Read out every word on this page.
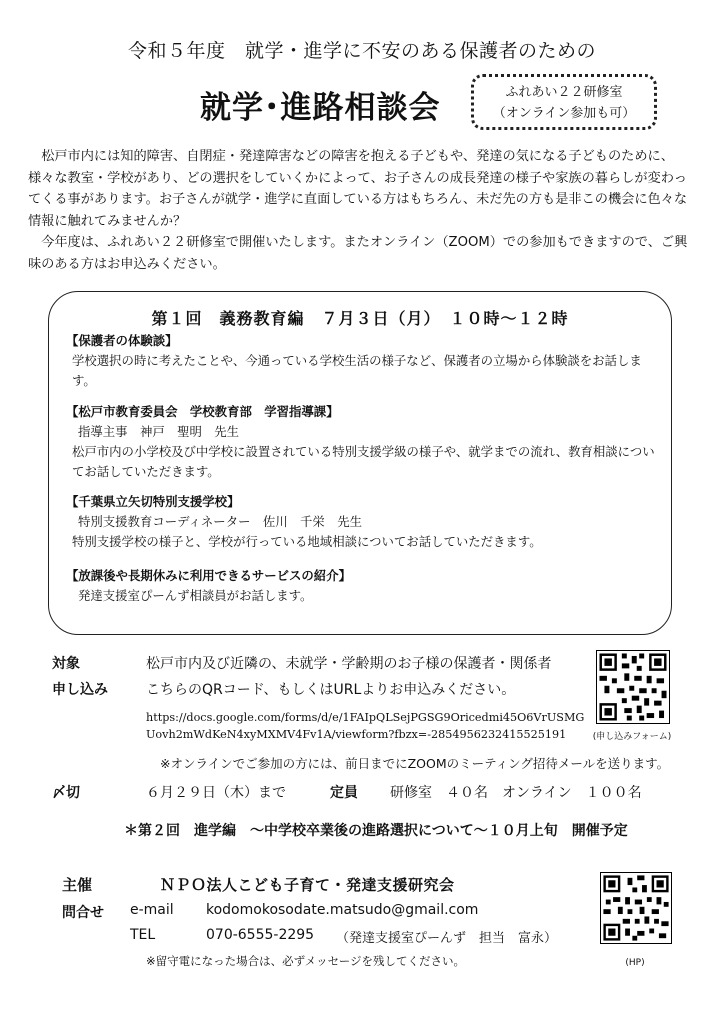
令和５年度　就学・進学に不安のある保護者のための
就学･進路相談会	ふれあい２２研修室
（オンライン参加も可）

松戸市内には知的障害、自閉症・発達障害などの障害を抱える子どもや、発達の気になる子どものために、様々な教室・学校があり、どの選択をしていくかによって、お子さんの成長発達の様子や家族の暮らしが変わってくる事があります。お子さんが就学・進学に直面している方はもちろん、未だ先の方も是非この機会に色々な情報に触れてみませんか？

今年度は、ふれあい２２研修室で開催いたします。またオンライン（ZOOM）での参加もできますので、ご興味のある方はお申込みください。

第１回　義務教育編　７月３日（月）　１０時～１２時
【保護者の体験談】
学校選択の時に考えたことや、今通っている学校生活の様子など、保護者の立場から体験談をお話します。
【松戸市教育委員会　学校教育部　学習指導課】
指導主事　神戸　聖明　先生
松戸市内の小学校及び中学校に設置されている特別支援学級の様子や、就学までの流れ、教育相談についてお話していただきます。
【千葉県立矢切特別支援学校】
特別支援教育コーディネーター　佐川　千栄　先生
特別支援学校の様子と、学校が行っている地域相談についてお話していただきます。
【放課後や長期休みに利用できるサービスの紹介】
発達支援室ぴーんず相談員がお話します。
対象	松戸市内及び近隣の、未就学・学齢期のお子様の保護者・関係者
申し込み	こちらのQRコード、もしくはURLよりお申込みください。
https://docs.google.com/forms/d/e/1FAIpQLSejPGSG9Oricedmi45O6VrUSMGUovh2mWdKeN4xyMXMV4Fv1A/viewform?fbzx=-2854956232415525191	(申し込みフォーム)
※オンラインでご参加の方には、前日までにZOOMのミーティング招待メールを送ります。
〆切	６月２９日（木）まで	定員 研修室　４０名　オンライン　１００名
＊第２回　進学編　～中学校卒業後の進路選択について～１０月上旬　開催予定
主催	ＮＰＯ法人こども子育て・発達支援研究会
問合せ e-mail kodomokosodate.matsudo@gmail.com
TEL	070-6555-2295 （発達支援室ぴーんず　担当　富永）
※留守電になった場合は、必ずメッセージを残してください。	(HP)
